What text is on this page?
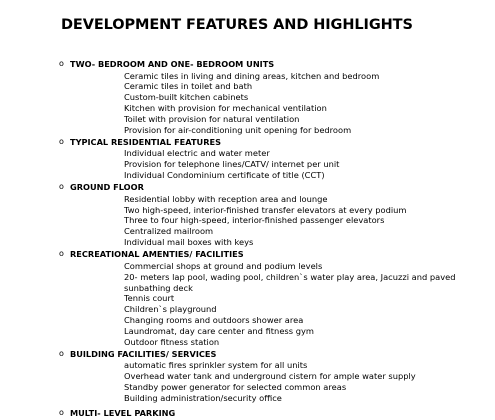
DEVELOPMENT FEATURES AND HIGHLIGHTS
o TWO- BEDROOM AND ONE- BEDROOM UNITS
Ceramic tiles in living and dining areas, kitchen and bedroom
Ceramic tiles in toilet and bath
Custom-built kitchen cabinets
Kitchen with provision for mechanical ventilation
Toilet with provision for natural ventilation
Provision for air-conditioning unit opening for bedroom
o TYPICAL RESIDENTIAL FEATURES
Individual electric and water meter
Provision for telephone lines/CATV/ internet per unit
Individual Condominium certificate of title (CCT)
o GROUND FLOOR
Residential lobby with reception area and lounge
Two high-speed, interior-finished transfer elevators at every podium
Three to four high-speed, interior-finished passenger elevators
Centralized mailroom
Individual mail boxes with keys
o RECREATIONAL AMENTIES/ FACILITIES
Commercial shops at ground and podium levels
20- meters lap pool, wading pool, children`s water play area, Jacuzzi and paved sunbathing deck
Tennis court
Children`s playground
Changing rooms and outdoors shower area
Laundromat, day care center and fitness gym
Outdoor fitness station
o BUILDING FACILITIES/ SERVICES
automatic fires sprinkler system for all units
Overhead water tank and underground cistern for ample water supply
Standby power generator for selected common areas
Building administration/security office
o MULTI- LEVEL PARKING
